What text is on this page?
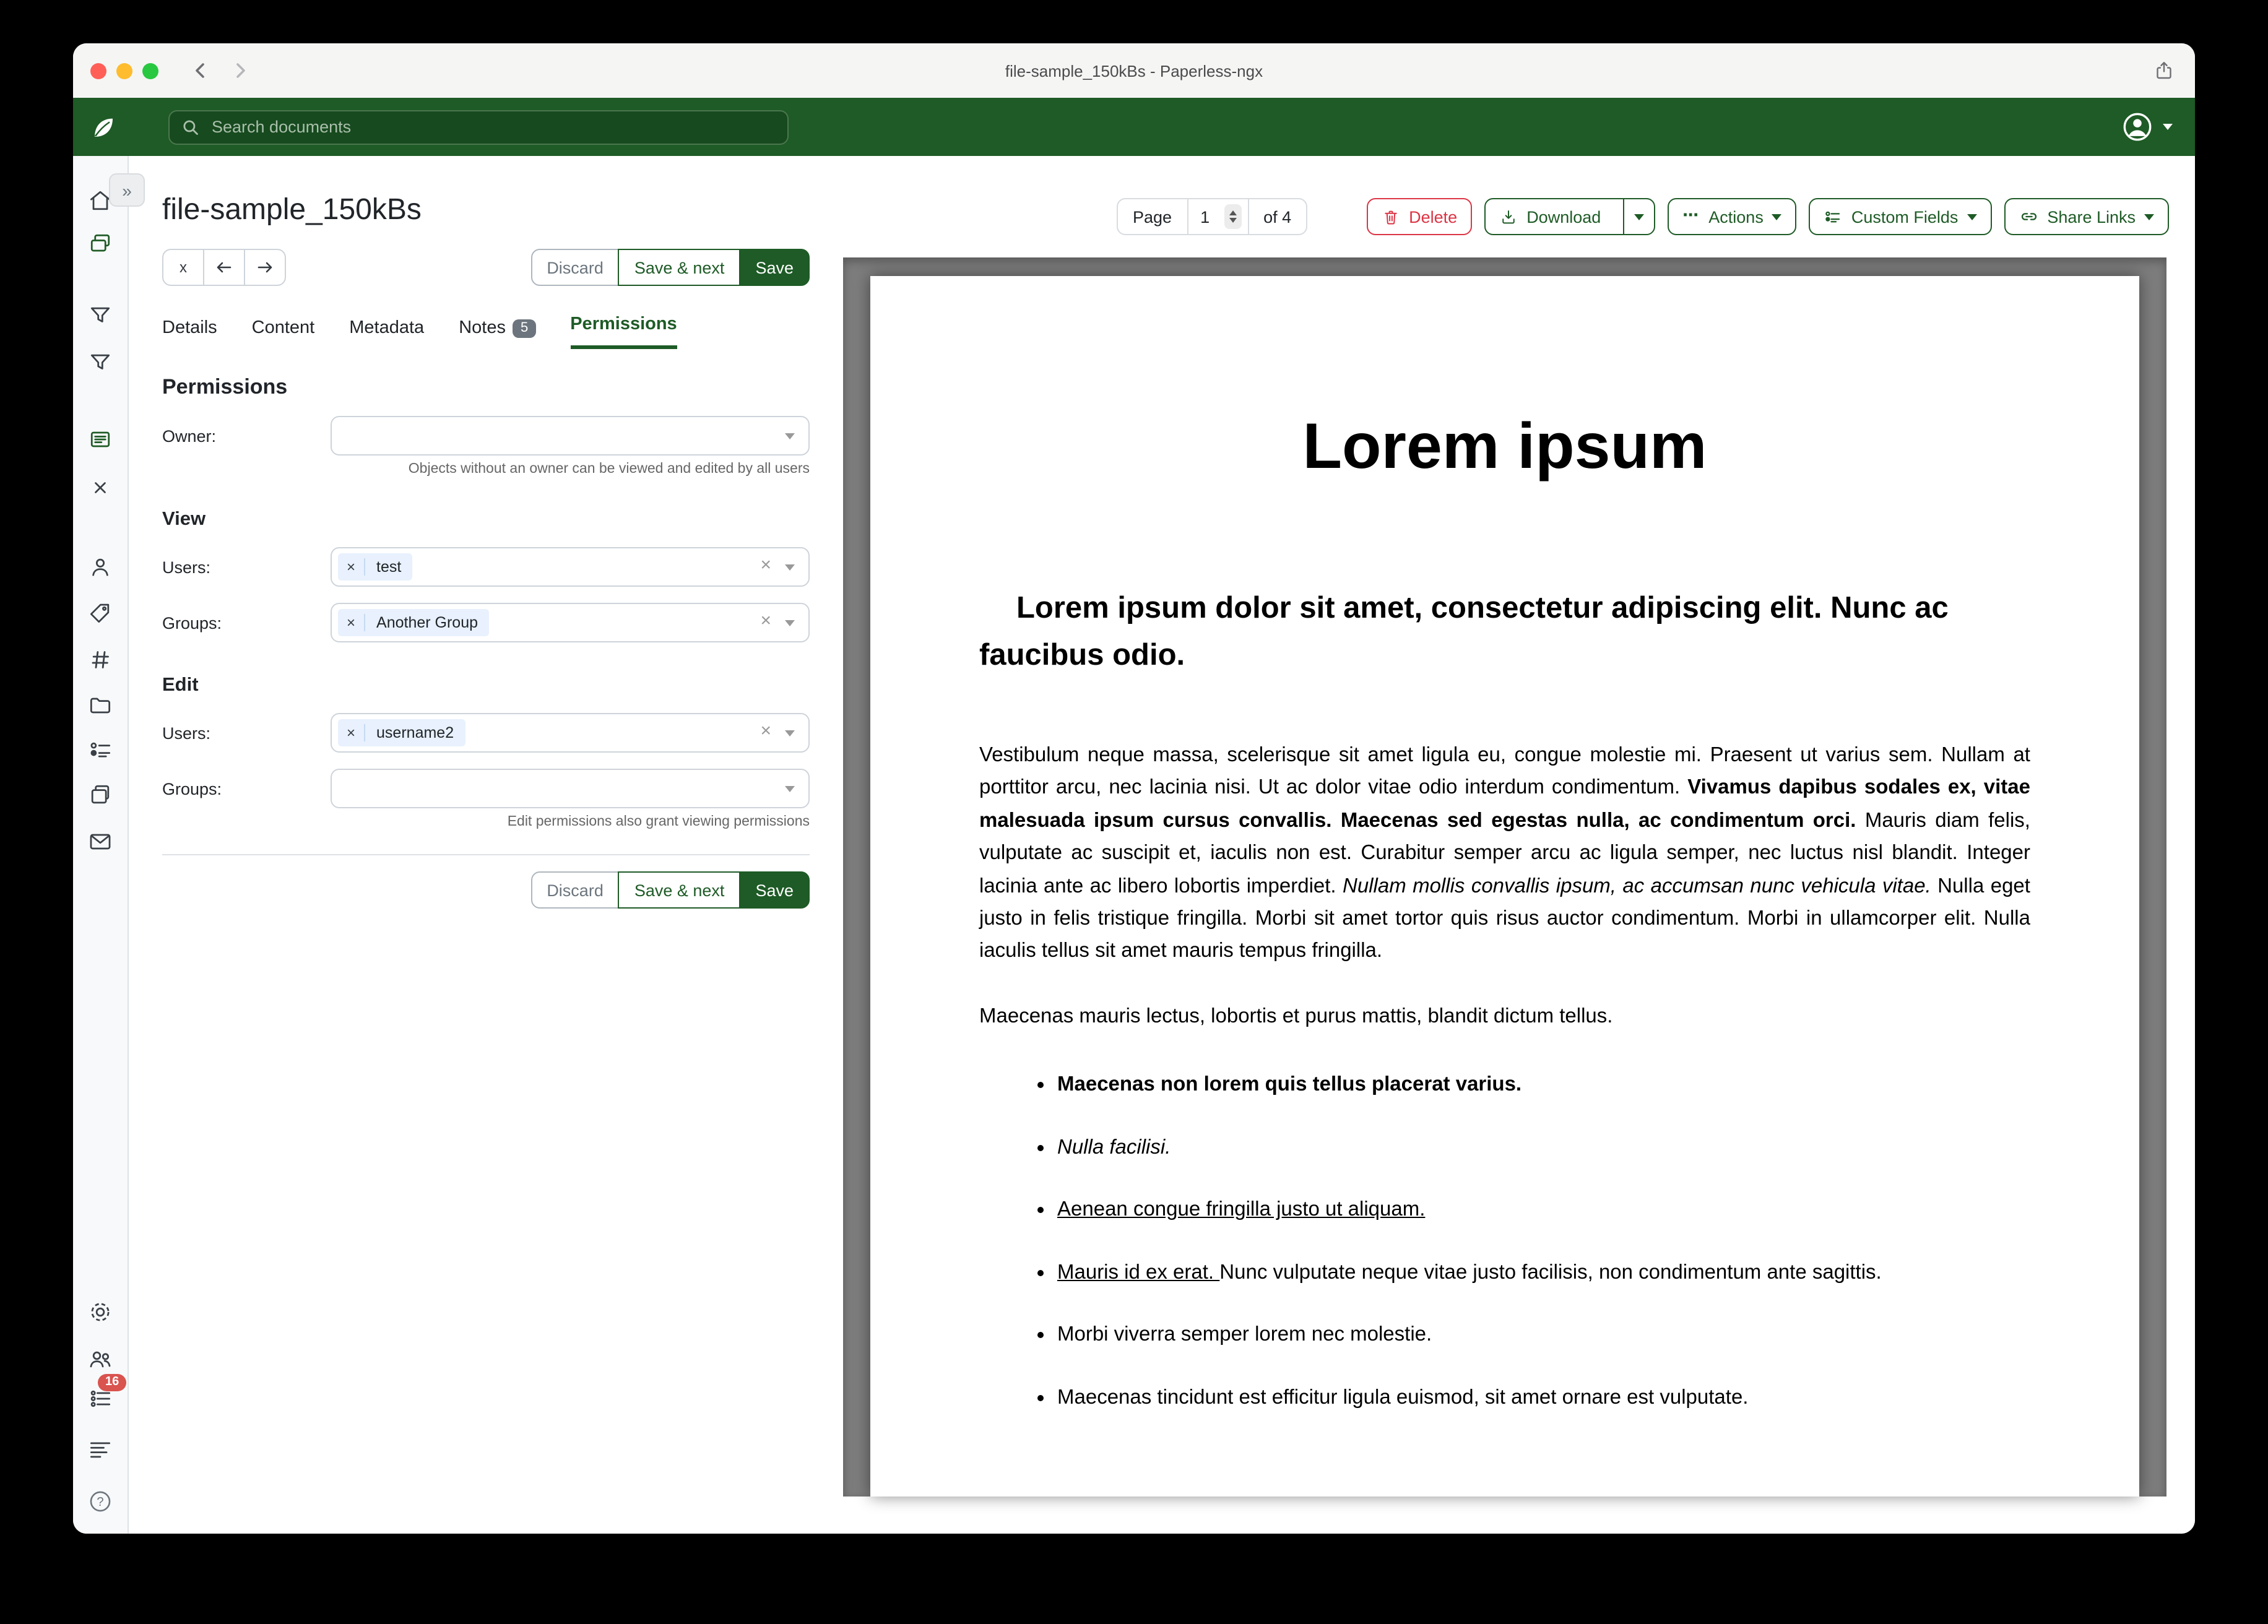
file-sample_150kBs - Paperless-ngx
Search documents
»
16
?
file-sample_150kBs
x	Discard	Save & next	Save
Details	Content	Metadata	Notes	5	Permissions
Permissions
Owner:
Objects without an owner can be viewed and edited by all users
View
Users:	×	test	×
Groups:	×	Another Group	×
Edit
Users:	×	username2	×
Groups:
Edit permissions also grant viewing permissions
Discard	Save & next	Save
Page
1	of 4	Delete	Download	⋯ Actions	Custom Fields	Share Links
Lorem ipsum
Lorem ipsum dolor sit amet, consectetur adipiscing elit. Nunc ac faucibus odio.
Vestibulum neque massa, scelerisque sit amet ligula eu, congue molestie mi. Praesent ut varius sem. Nullam at porttitor arcu, nec lacinia nisi. Ut ac dolor vitae odio interdum condimentum. Vivamus dapibus sodales ex, vitae malesuada ipsum cursus convallis. Maecenas sed egestas nulla, ac condimentum orci. Mauris diam felis, vulputate ac suscipit et, iaculis non est. Curabitur semper arcu ac ligula semper, nec luctus nisl blandit. Integer lacinia ante ac libero lobortis imperdiet. Nullam mollis convallis ipsum, ac accumsan nunc vehicula vitae. Nulla eget justo in felis tristique fringilla. Morbi sit amet tortor quis risus auctor condimentum. Morbi in ullamcorper elit. Nulla iaculis tellus sit amet mauris tempus fringilla.
Maecenas mauris lectus, lobortis et purus mattis, blandit dictum tellus.
• Maecenas non lorem quis tellus placerat varius.
• Nulla facilisi.
• Aenean congue fringilla justo ut aliquam.
• Mauris id ex erat. Nunc vulputate neque vitae justo facilisis, non condimentum ante sagittis.
• Morbi viverra semper lorem nec molestie.
• Maecenas tincidunt est efficitur ligula euismod, sit amet ornare est vulputate.
